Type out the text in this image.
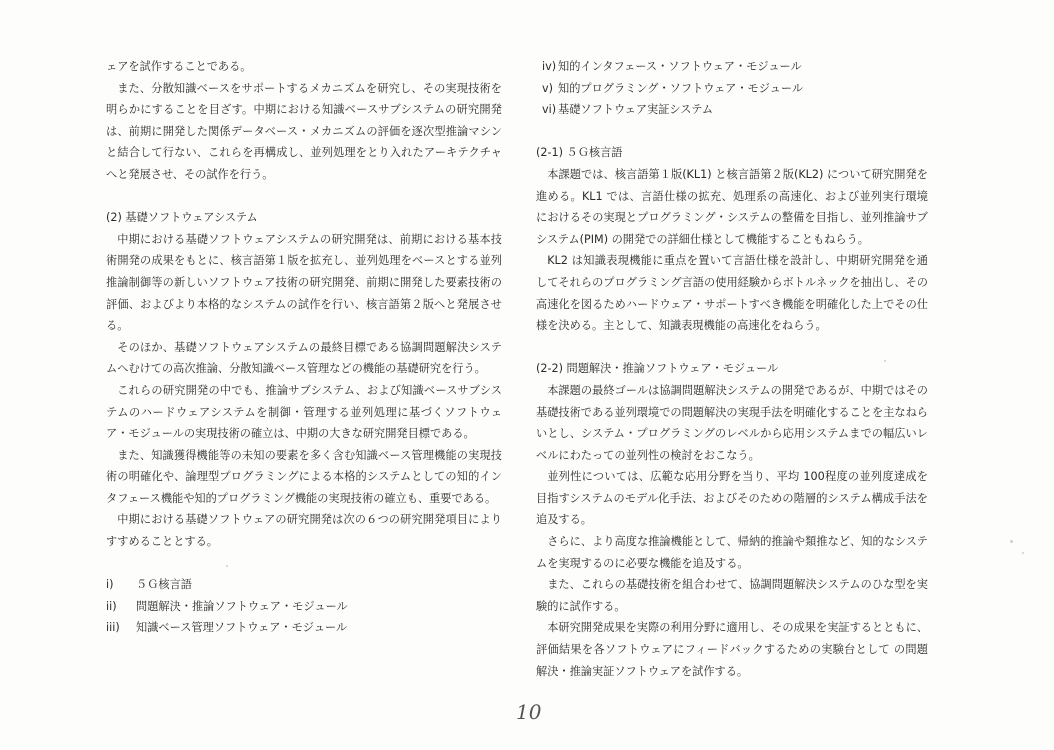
ェアを試作することである。

また、分散知識ベースをサポートするメカニズムを研究し、その実現技術を明らかにすることを目ざす。中期における知識ベースサブシステムの研究開発は、前期に開発した関係データベース・メカニズムの評価を逐次型推論マシンと結合して行ない、これらを再構成し、並列処理をとり入れたアーキテクチャへと発展させ、その試作を行う。

(2) 基礎ソフトウェアシステム

中期における基礎ソフトウェアシステムの研究開発は、前期における基本技術開発の成果をもとに、核言語第１版を拡充し、並列処理をベースとする並列推論制御等の新しいソフトウェア技術の研究開発、前期に開発した要素技術の評価、およびより本格的なシステムの試作を行い、核言語第２版へと発展させる。

そのほか、基礎ソフトウェアシステムの最終目標である協調問題解決システムへむけての高次推論、分散知識ベース管理などの機能の基礎研究を行う。

これらの研究開発の中でも、推論サブシステム、および知識ベースサブシステムのハードウェアシステムを制御・管理する並列処理に基づくソフトウェア・モジュールの実現技術の確立は、中期の大きな研究開発目標である。

また、知識獲得機能等の未知の要素を多く含む知識ベース管理機能の実現技術の明確化や、論理型プログラミングによる本格的システムとしての知的インタフェース機能や知的プログラミング機能の実現技術の確立も、重要である。

中期における基礎ソフトウェアの研究開発は次の６つの研究開発項目によりすすめることとする。

i) ５Ｇ核言語

ii) 問題解決・推論ソフトウェア・モジュール

iii) 知識ベース管理ソフトウェア・モジュール

iv) 知的インタフェース・ソフトウェア・モジュール

v) 知的プログラミング・ソフトウェア・モジュール

vi) 基礎ソフトウェア実証システム

(2-1) ５Ｇ核言語

本課題では、核言語第１版(KL1) と核言語第２版(KL2) について研究開発を進める。KL1 では、言語仕様の拡充、処理系の高速化、および並列実行環境におけるその実現とプログラミング・システムの整備を目指し、並列推論サブシステム(PIM) の開発での詳細仕様として機能することもねらう。

KL2 は知識表現機能に重点を置いて言語仕様を設計し、中期研究開発を通してそれらのプログラミング言語の使用経験からボトルネックを抽出し、その高速化を図るためハードウェア・サポートすべき機能を明確化した上でその仕様を決める。主として、知識表現機能の高速化をねらう。

(2-2) 問題解決・推論ソフトウェア・モジュール

本課題の最終ゴールは協調問題解決システムの開発であるが、中期ではその基礎技術である並列環境での問題解決の実現手法を明確化することを主なねらいとし、システム・プログラミングのレベルから応用システムまでの幅広いレベルにわたっての並列性の検討をおこなう。

並列性については、広範な応用分野を当り、平均 100程度の並列度達成を目指すシステムのモデル化手法、およびそのための階層的システム構成手法を追及する。

さらに、より高度な推論機能として、帰納的推論や類推など、知的なシステムを実現するのに必要な機能を追及する。

また、これらの基礎技術を組合わせて、協調問題解決システムのひな型を実験的に試作する。

本研究開発成果を実際の利用分野に適用し、その成果を実証するとともに、評価結果を各ソフトウェアにフィードバックするための実験台として の問題解決・推論実証ソフトウェアを試作する。

10
